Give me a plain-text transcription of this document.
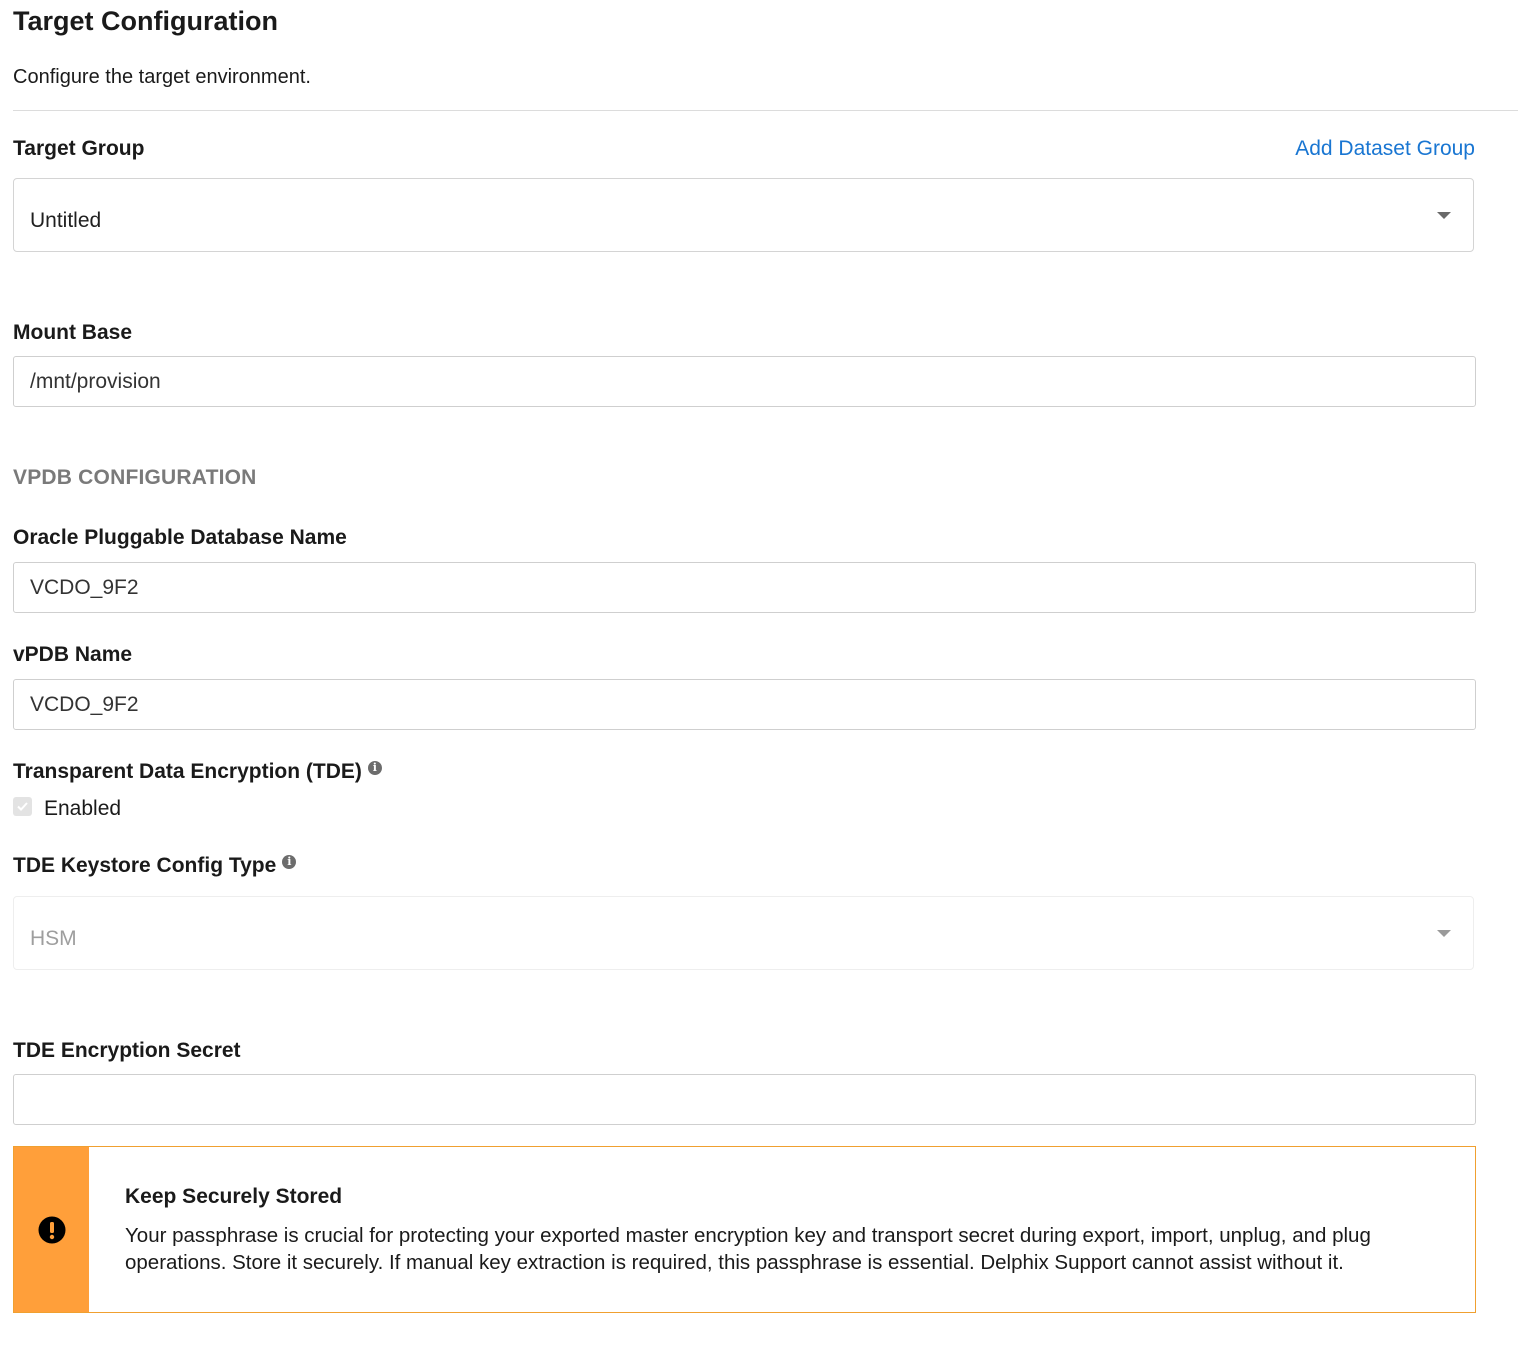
Target Configuration
Configure the target environment.
Target Group	Add Dataset Group
Untitled
Mount Base
/mnt/provision
VPDB CONFIGURATION
Oracle Pluggable Database Name
VCDO_9F2
vPDB Name
VCDO_9F2
Transparent Data Encryption (TDE) i
Enabled
TDE Keystore Config Type i
HSM
TDE Encryption Secret
Keep Securely Stored
Your passphrase is crucial for protecting your exported master encryption key and transport secret during export, import, unplug, and plug operations. Store it securely. If manual key extraction is required, this passphrase is essential. Delphix Support cannot assist without it.
